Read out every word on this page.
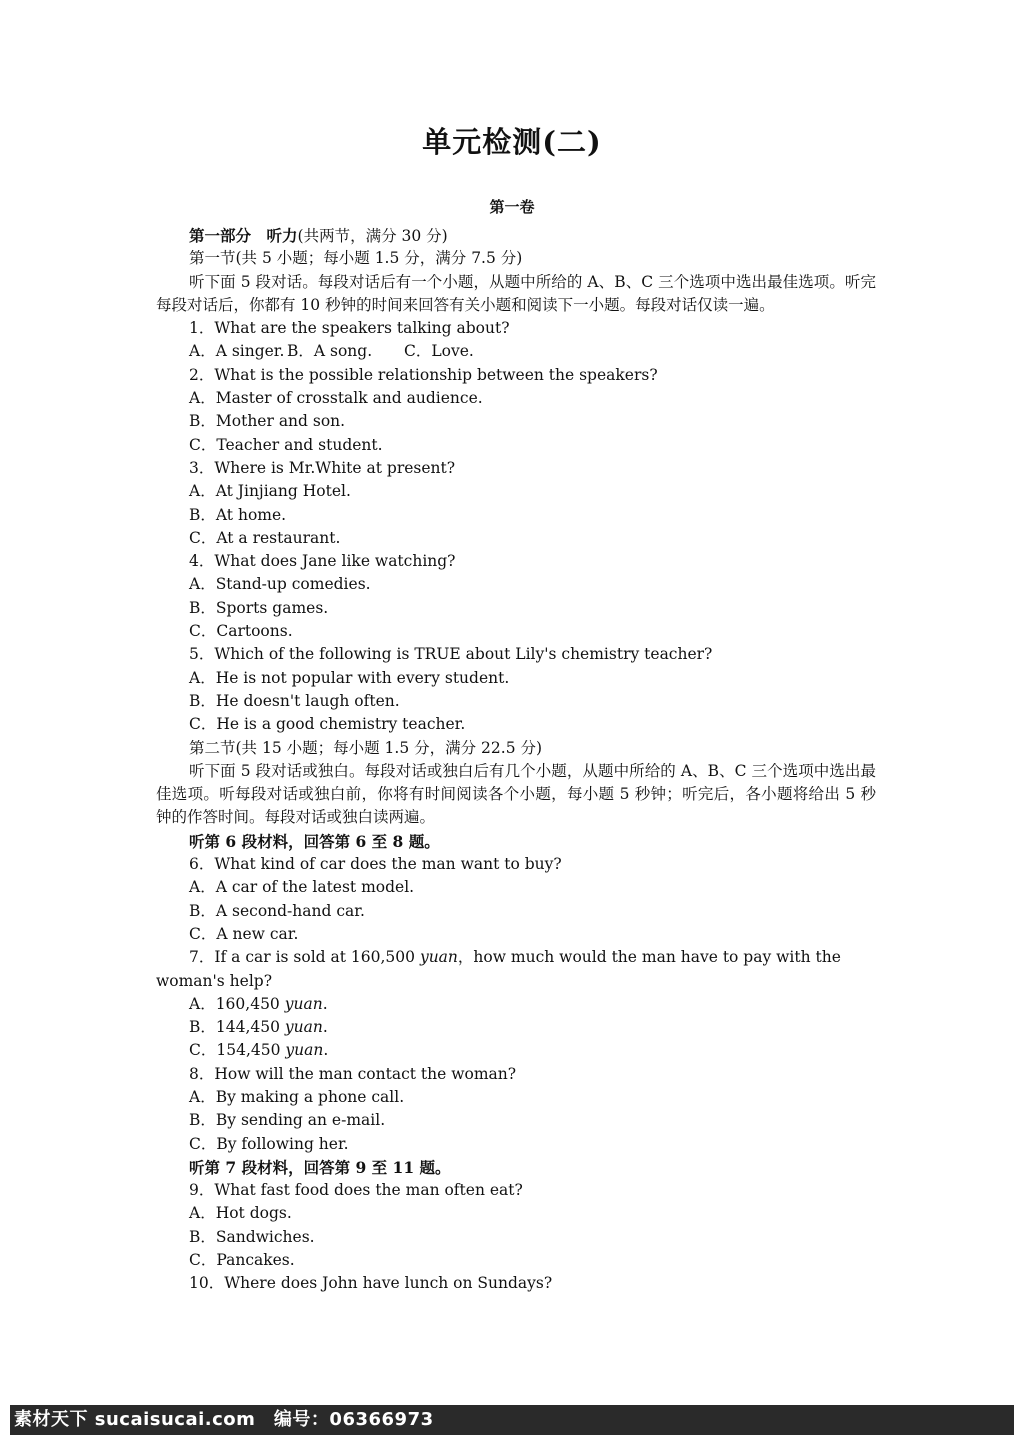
单元检测(二)
第一卷
第一部分　听力(共两节，满分 30 分)
第一节(共 5 小题；每小题 1.5 分，满分 7.5 分)
听下面 5 段对话。每段对话后有一个小题，从题中所给的 A、B、C 三个选项中选出最佳选项。听完每段对话后，你都有 10 秒钟的时间来回答有关小题和阅读下一小题。每段对话仅读一遍。
1．What are the speakers talking about?
A．A singer. B．A song. C．Love.
2．What is the possible relationship between the speakers?
A．Master of crosstalk and audience.
B．Mother and son.
C．Teacher and student.
3．Where is Mr.White at present?
A．At Jinjiang Hotel.
B．At home.
C．At a restaurant.
4．What does Jane like watching?
A．Stand-up comedies.
B．Sports games.
C．Cartoons.
5．Which of the following is TRUE about Lily's chemistry teacher?
A．He is not popular with every student.
B．He doesn't laugh often.
C．He is a good chemistry teacher.
第二节(共 15 小题；每小题 1.5 分，满分 22.5 分)
听下面 5 段对话或独白。每段对话或独白后有几个小题，从题中所给的 A、B、C 三个选项中选出最佳选项。听每段对话或独白前，你将有时间阅读各个小题，每小题 5 秒钟；听完后，各小题将给出 5 秒钟的作答时间。每段对话或独白读两遍。
听第 6 段材料，回答第 6 至 8 题。
6．What kind of car does the man want to buy?
A．A car of the latest model.
B．A second-hand car.
C．A new car.
7．If a car is sold at 160,500 yuan，how much would the man have to pay with the woman's help?
A．160,450 yuan.
B．144,450 yuan.
C．154,450 yuan.
8．How will the man contact the woman?
A．By making a phone call.
B．By sending an e-mail.
C．By following her.
听第 7 段材料，回答第 9 至 11 题。
9．What fast food does the man often eat?
A．Hot dogs.
B．Sandwiches.
C．Pancakes.
10．Where does John have lunch on Sundays?
素材天下 sucaisucai.com　编号：06366973
